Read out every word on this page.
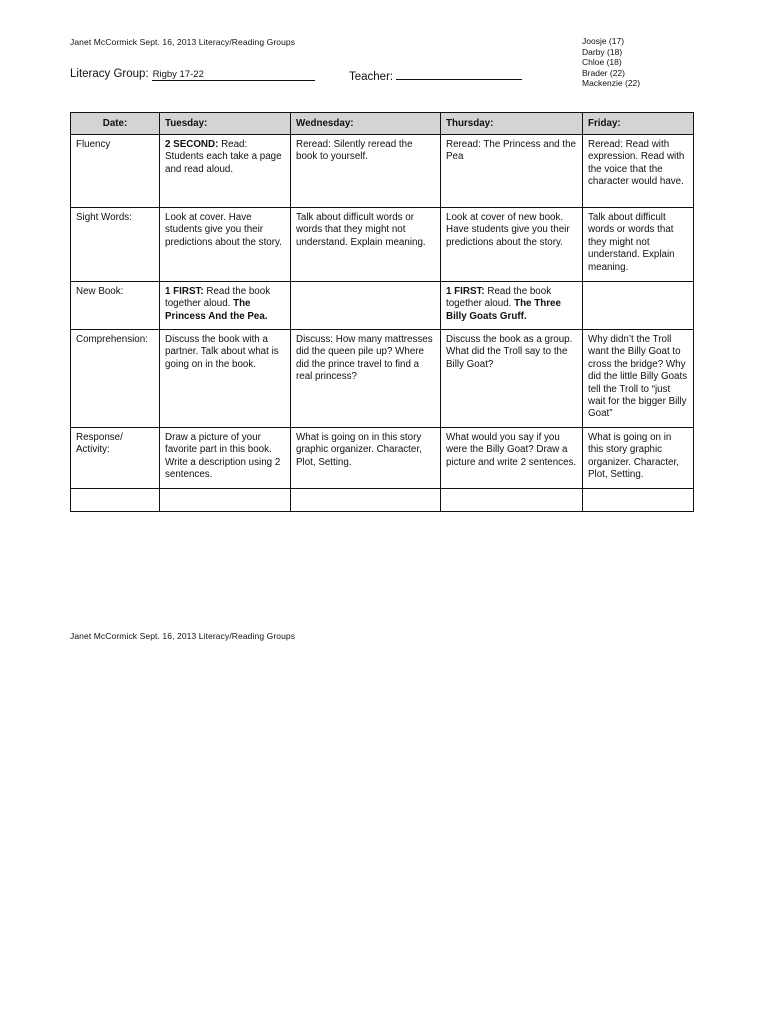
Janet McCormick Sept. 16, 2013 Literacy/Reading Groups	Joosje (17)
Darby (18)
Chloe (18)
Brader (22)
Mackenzie (22)
Literacy Group: Rigby 17-22	Teacher:
Date:	Tuesday:	Wednesday:	Thursday:	Friday:
Fluency	2 SECOND: Read: Students each take a page and read aloud.	Reread: Silently reread the book to yourself.	Reread: The Princess and the Pea	Reread: Read with expression. Read with the voice that the character would have.
Sight Words:	Look at cover. Have students give you their predictions about the story.	Talk about difficult words or words that they might not understand. Explain meaning.	Look at cover of new book. Have students give you their predictions about the story.	Talk about difficult words or words that they might not understand. Explain meaning.
New Book:	1 FIRST: Read the book together aloud. The Princess And the Pea.		1 FIRST: Read the book together aloud. The Three Billy Goats Gruff.	
Comprehension:	Discuss the book with a partner. Talk about what is going on in the book.	Discuss: How many mattresses did the queen pile up? Where did the prince travel to find a real princess?	Discuss the book as a group. What did the Troll say to the Billy Goat?	Why didn’t the Troll want the Billy Goat to cross the bridge? Why did the little Billy Goats tell the Troll to “just wait for the bigger Billy Goat”
Response/ Activity:	Draw a picture of your favorite part in this book. Write a description using 2 sentences.	What is going on in this story graphic organizer. Character, Plot, Setting.	What would you say if you were the Billy Goat? Draw a picture and write 2 sentences.	What is going on in this story graphic organizer. Character, Plot, Setting.

Janet McCormick Sept. 16, 2013 Literacy/Reading Groups
